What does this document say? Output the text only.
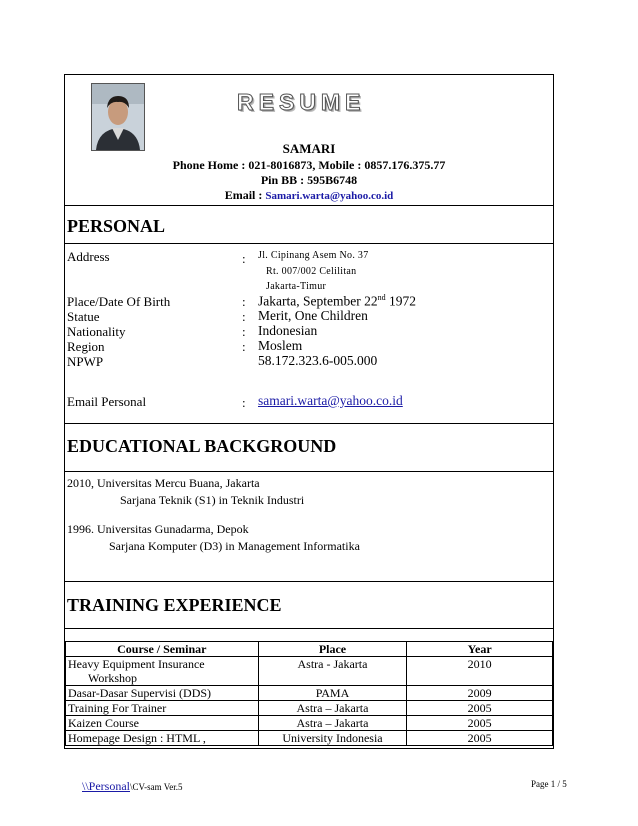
RESUME
SAMARI
Phone Home : 021-8016873, Mobile : 0857.176.375.77
Pin BB : 595B6748
Email : Samari.warta@yahoo.co.id
PERSONAL
Address	: Jl. Cipinang Asem No. 37
Rt. 007/002 Celilitan
Jakarta-Timur
Place/Date Of Birth	: Jakarta, September 22nd 1972
Statue	: Merit, One Children
Nationality	: Indonesian
Region	: Moslem
NPWP	58.172.323.6-005.000
Email Personal	: samari.warta@yahoo.co.id
EDUCATIONAL BACKGROUND
2010, Universitas Mercu Buana, Jakarta
Sarjana Teknik (S1) in Teknik Industri
1996. Universitas Gunadarma, Depok
Sarjana Komputer (D3) in Management Informatika
TRAINING EXPERIENCE
Course / Seminar	Place	Year

Heavy Equipment Insurance
Workshop	Astra - Jakarta	2010
Dasar-Dasar Supervisi (DDS)	PAMA	2009
Training For Trainer	Astra – Jakarta	2005
Kaizen Course	Astra – Jakarta	2005
Homepage Design : HTML ,	University Indonesia	2005
\\Personal\CV-sam Ver.5	Page 1 / 5
